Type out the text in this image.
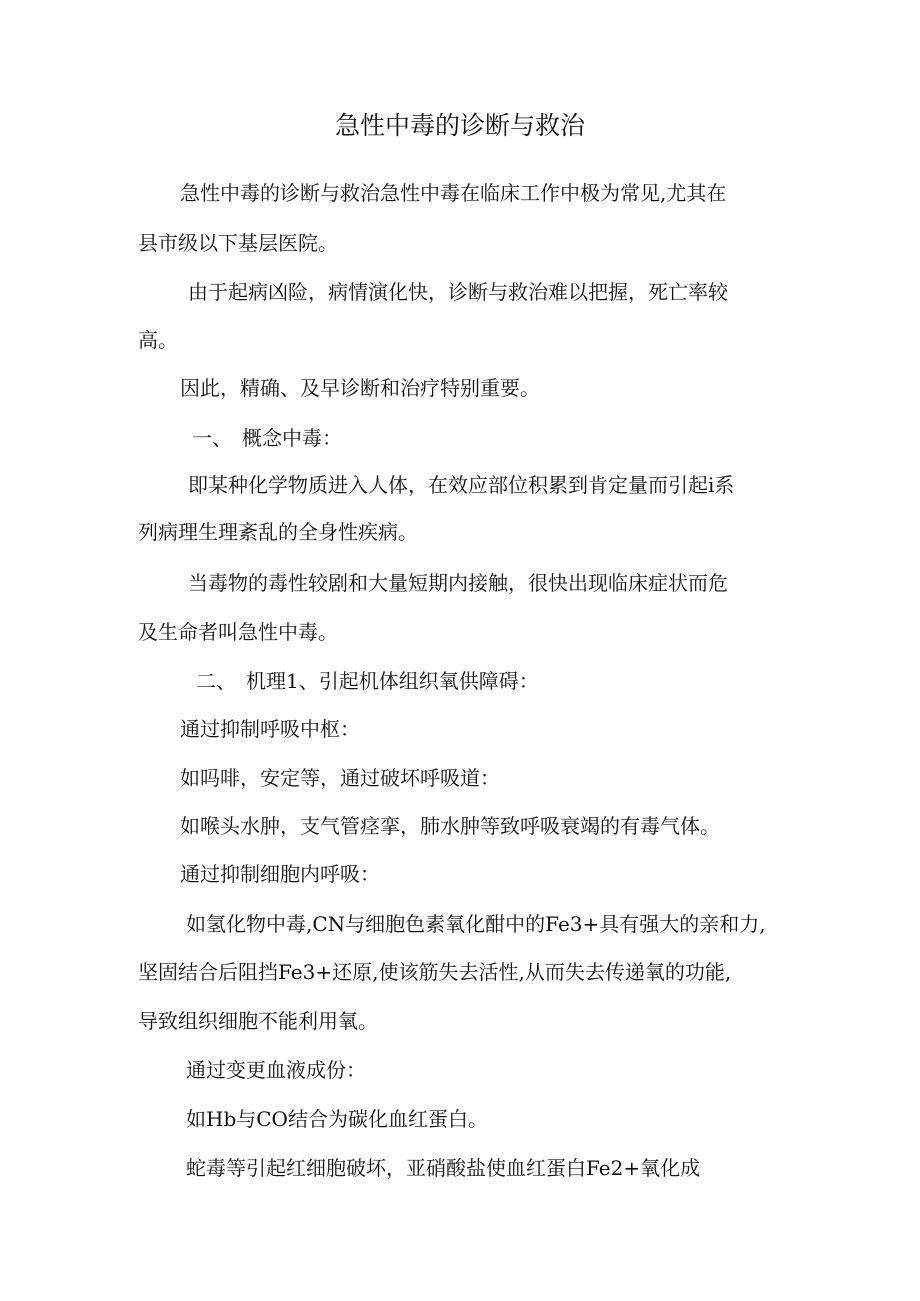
急性中毒的诊断与救治
急性中毒的诊断与救治急性中毒在临床工作中极为常见,尤其在
县市级以下基层医院。
由于起病凶险，病情演化快，诊断与救治难以把握，死亡率较
高。
因此，精确、及早诊断和治疗特别重要。
一、　概念中毒：
即某种化学物质进入人体，在效应部位积累到肯定量而引起i系
列病理生理紊乱的全身性疾病。
当毒物的毒性较剧和大量短期内接触，很快出现临床症状而危
及生命者叫急性中毒。
二、　机理1、引起机体组织氧供障碍：
通过抑制呼吸中枢：
如吗啡，安定等，通过破坏呼吸道：
如喉头水肿，支气管痉挛，肺水肿等致呼吸衰竭的有毒气体。
通过抑制细胞内呼吸：
如氢化物中毒,CN与细胞色素氧化酣中的Fe3+具有强大的亲和力,
坚固结合后阻挡Fe3+还原,使该筋失去活性,从而失去传递氧的功能,
导致组织细胞不能利用氧。
通过变更血液成份：
如Hb与CO结合为碳化血红蛋白。
蛇毒等引起红细胞破坏，亚硝酸盐使血红蛋白Fe2+氧化成
